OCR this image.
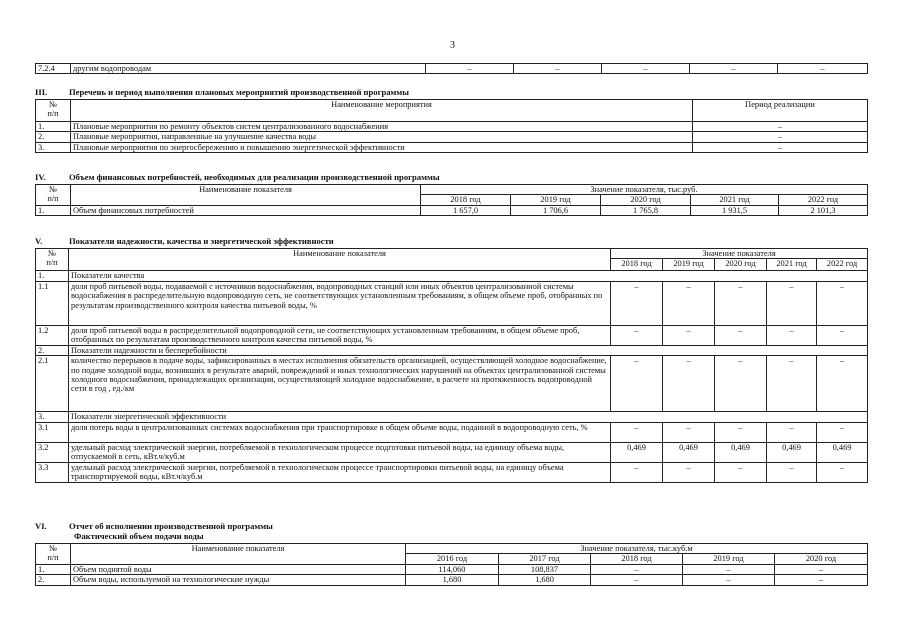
3
7.2.4	другим водопроводам	–	–	–	–	–
III.	Перечень и период выполнения плановых мероприятий производственной программы
№
п/п	Наименование мероприятия	Период реализации
1.	Плановые мероприятия по ремонту объектов систем централизованного водоснабжения	–
2.	Плановые мероприятия, направленные на улучшение качества воды	–
3.	Плановые мероприятия по энергосбережению и повышению энергетической эффективности	–
IV.	Объем финансовых потребностей, необходимых для реализации производственной программы
№
п/п	Наименование показателя	Значение показателя, тыс.руб.				
		2018 год	2019 год	2020 год	2021 год	2022 год
1.	Объем финансовых потребностей	1 657,0	1 706,6	1 765,8	1 931,5	2 101,3
V.	Показатели надежности, качества и энергетической эффективности
№
п/п	Наименование показателя	Значение показателя				
		2018 год	2019 год	2020 год	2021 год	2022 год
1.	Показатели качества					
1.1	доля проб питьевой воды, подаваемой с источников водоснабжения, водопроводных станций или иных объектов централизованной системы водоснабжения в распределительную водопроводную сеть, не соответствующих установленным требованиям, в общем объеме проб, отобранных по результатам производственного контроля качества питьевой воды, %	–	–	–	–	–
1.2	доля проб питьевой воды в распределительной водопроводной сети, не соответствующих установленным требованиям, в общем объеме проб, отобранных по результатам производственного контроля качества питьевой воды, %	–	–	–	–	–
2.	Показатели надежности и бесперебойности					
2.1	количество перерывов в подаче воды, зафиксированных в местах исполнения обязательств организацией, осуществляющей холодное водоснабжение, по подаче холодной воды, возникших в результате аварий, повреждений и иных технологических нарушений на объектах централизованной системы холодного водоснабжения, принадлежащих организации, осуществляющей холодное водоснабжение, в расчете на протяженность водопроводной сети в год , ед./км	–	–	–	–	–
3.	Показатели энергетической эффективности					
3.1	доля потерь воды в централизованных системах водоснабжения при транспортировке в общем объеме воды, поданной в водопроводную сеть, %	–	–	–	–	–
3.2	удельный расход электрической энергии, потребляемой в технологическом процессе подготовки питьевой воды, на единицу объема воды, отпускаемой в сеть, кВт.ч/куб.м	0,469	0,469	0,469	0,469	0,469
3.3	удельный расход электрической энергии, потребляемой в технологическом процессе транспортировки питьевой воды, на единицу объема транспортируемой воды, кВт.ч/куб.м	–	–	–	–	–
VI.	Отчет об исполнении производственной программы
Фактический объем подачи воды
№
п/п	Наименование показателя	Значение показателя, тыс.куб.м				
		2016 год	2017 год	2018 год	2019 год	2020 год
1.	Объем поднятой воды	114,060	108,837	–	–	–
2.	Объем воды, используемой на технологические нужды	1,680	1,680	–	–	–
